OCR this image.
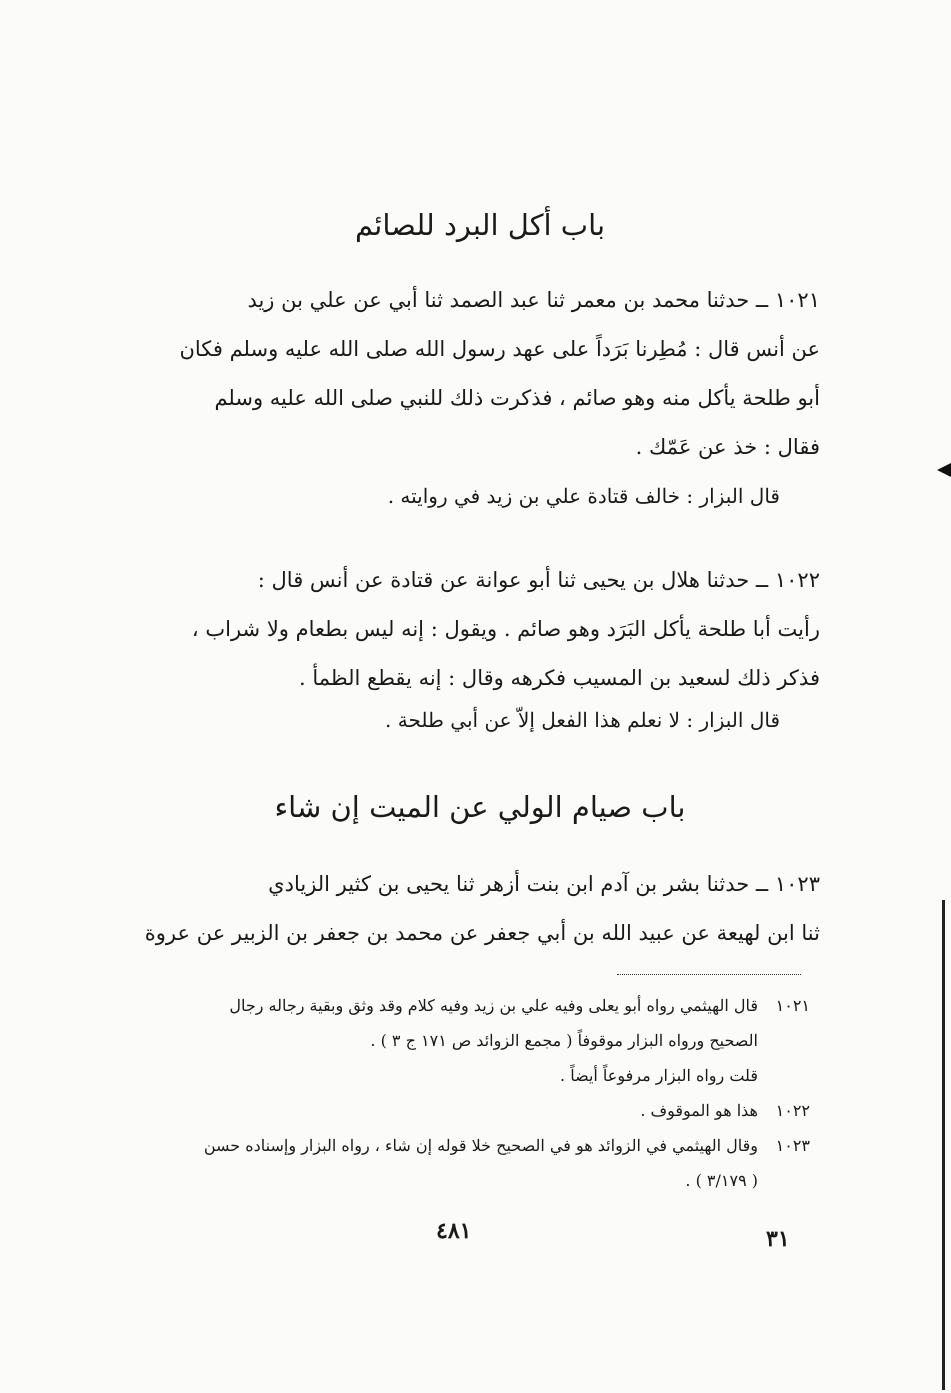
باب أكل البرد للصائم
١٠٢١ ــ حدثنا محمد بن معمر ثنا عبد الصمد ثنا أبي عن علي بن زيد
عن أنس قال : مُطِرنا بَرَداً على عهد رسول الله صلى الله عليه وسلم فكان
أبو طلحة يأكل منه وهو صائم ، فذكرت ذلك للنبي صلى الله عليه وسلم
فقال : خذ عن عَمّك .
قال البزار : خالف قتادة علي بن زيد في روايته .
١٠٢٢ ــ حدثنا هلال بن يحيى ثنا أبو عوانة عن قتادة عن أنس قال :
رأيت أبا طلحة يأكل البَرَد وهو صائم . ويقول : إنه ليس بطعام ولا شراب ،
فذكر ذلك لسعيد بن المسيب فكرهه وقال : إنه يقطع الظمأ .
قال البزار : لا نعلم هذا الفعل إلاّ عن أبي طلحة .
باب صيام الولي عن الميت إن شاء
١٠٢٣ ــ حدثنا بشر بن آدم ابن بنت أزهر ثنا يحيى بن كثير الزيادي
ثنا ابن لهيعة عن عبيد الله بن أبي جعفر عن محمد بن جعفر بن الزبير عن عروة
١٠٢١
قال الهيثمي رواه أبو يعلى وفيه علي بن زيد وفيه كلام وقد وثق وبقية رجاله رجال
الصحيح ورواه البزار موقوفاً ( مجمع الزوائد ص ١٧١ ج ٣ ) .
قلت رواه البزار مرفوعاً أيضاً .
١٠٢٢
هذا هو الموقوف .
١٠٢٣
وقال الهيثمي في الزوائد هو في الصحيح خلا قوله إن شاء ، رواه البزار وإسناده حسن
( ٣/١٧٩ ) .
٤٨١	٣١
